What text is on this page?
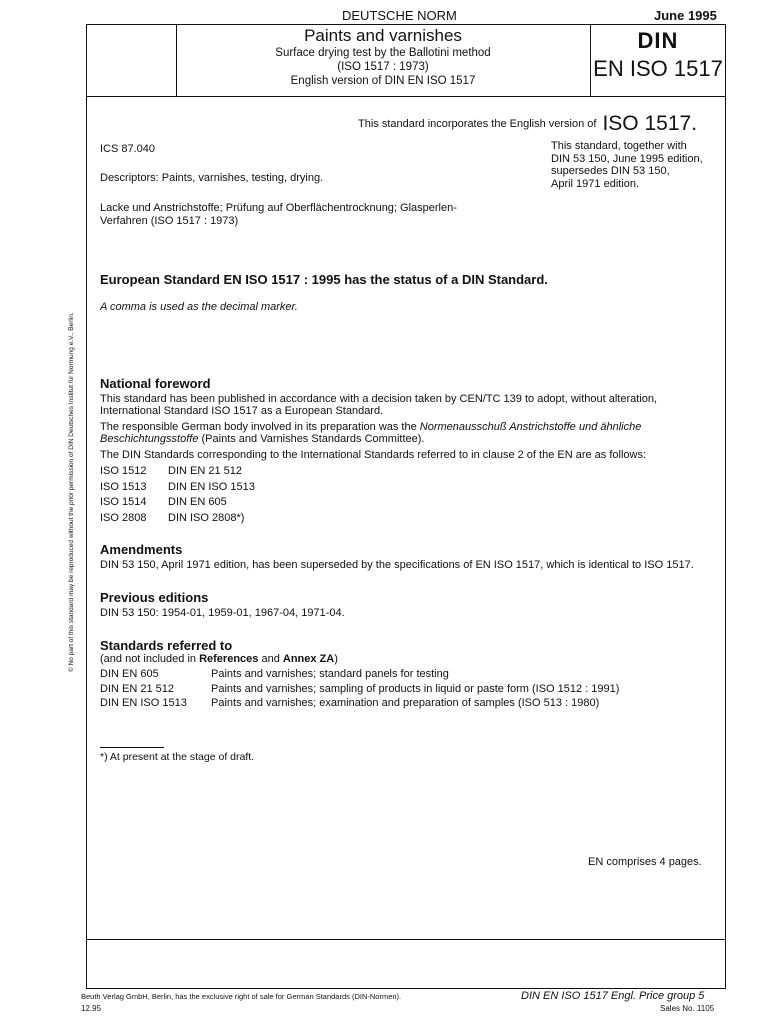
DEUTSCHE NORM	June 1995
Paints and varnishes
Surface drying test by the Ballotini method
(ISO 1517 : 1973)
English version of DIN EN ISO 1517
DIN
EN ISO 1517
This standard incorporates the English version of ISO 1517.
ICS 87.040	This standard, together with
DIN 53 150, June 1995 edition,
supersedes DIN 53 150,
April 1971 edition.
Descriptors: Paints, varnishes, testing, drying.
Lacke und Anstrichstoffe; Prüfung auf Oberflächentrocknung; Glasperlen-Verfahren (ISO 1517 : 1973)
European Standard EN ISO 1517 : 1995 has the status of a DIN Standard.
A comma is used as the decimal marker.
National foreword

This standard has been published in accordance with a decision taken by CEN/TC 139 to adopt, without alteration, International Standard ISO 1517 as a European Standard.

The responsible German body involved in its preparation was the Normenausschuß Anstrichstoffe und ähnliche Beschichtungsstoffe (Paints and Varnishes Standards Committee).

The DIN Standards corresponding to the International Standards referred to in clause 2 of the EN are as follows:

ISO 1512	DIN EN 21 512
ISO 1513	DIN EN ISO 1513
ISO 1514	DIN EN 605
ISO 2808	DIN ISO 2808*)
Amendments

DIN 53 150, April 1971 edition, has been superseded by the specifications of EN ISO 1517, which is identical to ISO 1517.

Previous editions

DIN 53 150: 1954-01, 1959-01, 1967-04, 1971-04.

Standards referred to

(and not included in References and Annex ZA)

DIN EN 605	Paints and varnishes; standard panels for testing
DIN EN 21 512	Paints and varnishes; sampling of products in liquid or paste form (ISO 1512 : 1991)
DIN EN ISO 1513	Paints and varnishes; examination and preparation of samples (ISO 513 : 1980)
*) At present at the stage of draft.
EN comprises 4 pages.
Beuth Verlag GmbH, Berlin, has the exclusive right of sale for German Standards (DIN-Normen).
12.95
DIN EN ISO 1517 Engl. Price group 5
Sales No. 1105
© No part of this standard may be reproduced without the prior permission of DIN Deutsches Institut für Normung e.V., Berlin.
